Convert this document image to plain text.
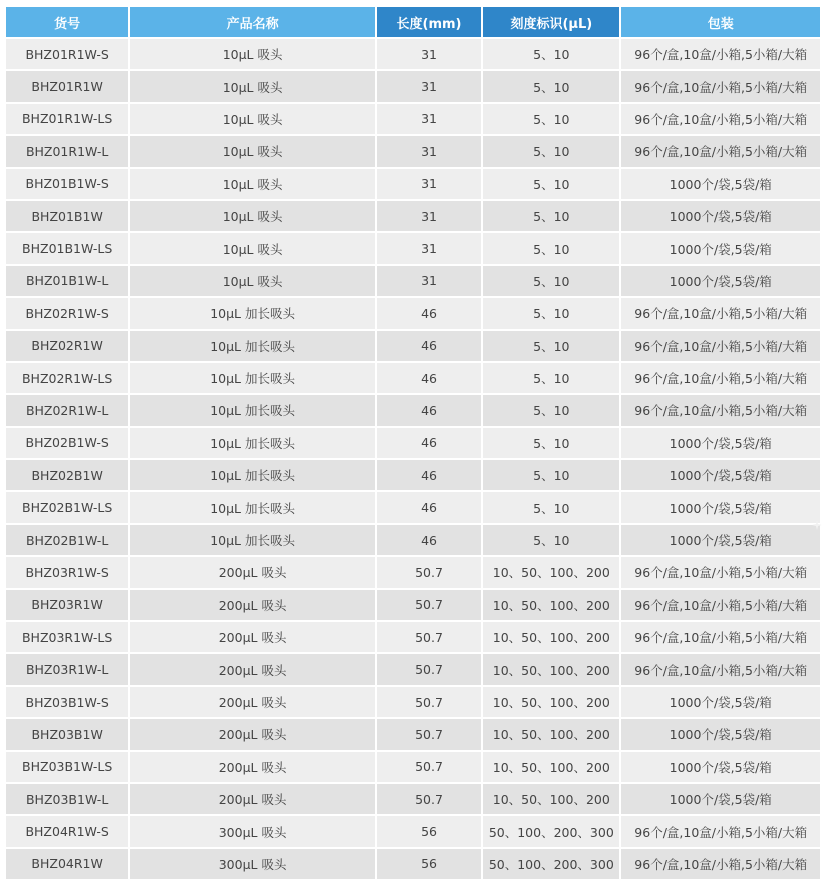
货号	产品名称	长度(mm)	刻度标识(µL)	包装
BHZ01R1W-S	10µL 吸头	31	5、10	96个/盒,10盒/小箱,5小箱/大箱
BHZ01R1W	10µL 吸头	31	5、10	96个/盒,10盒/小箱,5小箱/大箱
BHZ01R1W-LS	10µL 吸头	31	5、10	96个/盒,10盒/小箱,5小箱/大箱
BHZ01R1W-L	10µL 吸头	31	5、10	96个/盒,10盒/小箱,5小箱/大箱
BHZ01B1W-S	10µL 吸头	31	5、10	1000个/袋,5袋/箱
BHZ01B1W	10µL 吸头	31	5、10	1000个/袋,5袋/箱
BHZ01B1W-LS	10µL 吸头	31	5、10	1000个/袋,5袋/箱
BHZ01B1W-L	10µL 吸头	31	5、10	1000个/袋,5袋/箱
BHZ02R1W-S	10µL 加长吸头	46	5、10	96个/盒,10盒/小箱,5小箱/大箱
BHZ02R1W	10µL 加长吸头	46	5、10	96个/盒,10盒/小箱,5小箱/大箱
BHZ02R1W-LS	10µL 加长吸头	46	5、10	96个/盒,10盒/小箱,5小箱/大箱
BHZ02R1W-L	10µL 加长吸头	46	5、10	96个/盒,10盒/小箱,5小箱/大箱
BHZ02B1W-S	10µL 加长吸头	46	5、10	1000个/袋,5袋/箱
BHZ02B1W	10µL 加长吸头	46	5、10	1000个/袋,5袋/箱
BHZ02B1W-LS	10µL 加长吸头	46	5、10	1000个/袋,5袋/箱
BHZ02B1W-L	10µL 加长吸头	46	5、10	1000个/袋,5袋/箱
BHZ03R1W-S	200µL 吸头	50.7	10、50、100、200	96个/盒,10盒/小箱,5小箱/大箱
BHZ03R1W	200µL 吸头	50.7	10、50、100、200	96个/盒,10盒/小箱,5小箱/大箱
BHZ03R1W-LS	200µL 吸头	50.7	10、50、100、200	96个/盒,10盒/小箱,5小箱/大箱
BHZ03R1W-L	200µL 吸头	50.7	10、50、100、200	96个/盒,10盒/小箱,5小箱/大箱
BHZ03B1W-S	200µL 吸头	50.7	10、50、100、200	1000个/袋,5袋/箱
BHZ03B1W	200µL 吸头	50.7	10、50、100、200	1000个/袋,5袋/箱
BHZ03B1W-LS	200µL 吸头	50.7	10、50、100、200	1000个/袋,5袋/箱
BHZ03B1W-L	200µL 吸头	50.7	10、50、100、200	1000个/袋,5袋/箱
BHZ04R1W-S	300µL 吸头	56	50、100、200、300	96个/盒,10盒/小箱,5小箱/大箱
BHZ04R1W	300µL 吸头	56	50、100、200、300	96个/盒,10盒/小箱,5小箱/大箱
